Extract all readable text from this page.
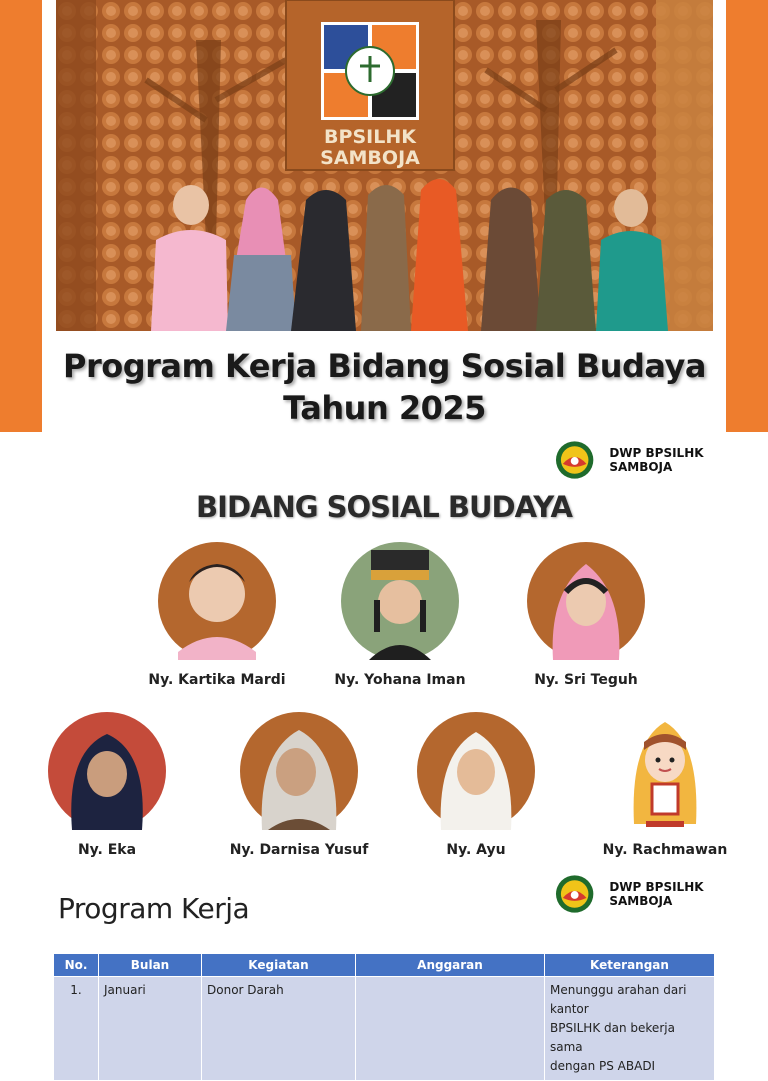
BPSILHK
SAMBOJA
Program Kerja Bidang Sosial Budaya
Tahun 2025
DWP BPSILHK SAMBOJA
BIDANG SOSIAL BUDAYA
Ny. Kartika Mardi	Ny. Yohana Iman	Ny. Sri Teguh
Ny. Eka	Ny. Darnisa Yusuf	Ny. Ayu	Ny. Rachmawan
DWP BPSILHK SAMBOJA
Program Kerja
No.	Bulan	Kegiatan	Anggaran	Keterangan
1.	Januari	Donor Darah		Menunggu arahan dari kantor
BPSILHK dan bekerja sama
dengan PS ABADI
